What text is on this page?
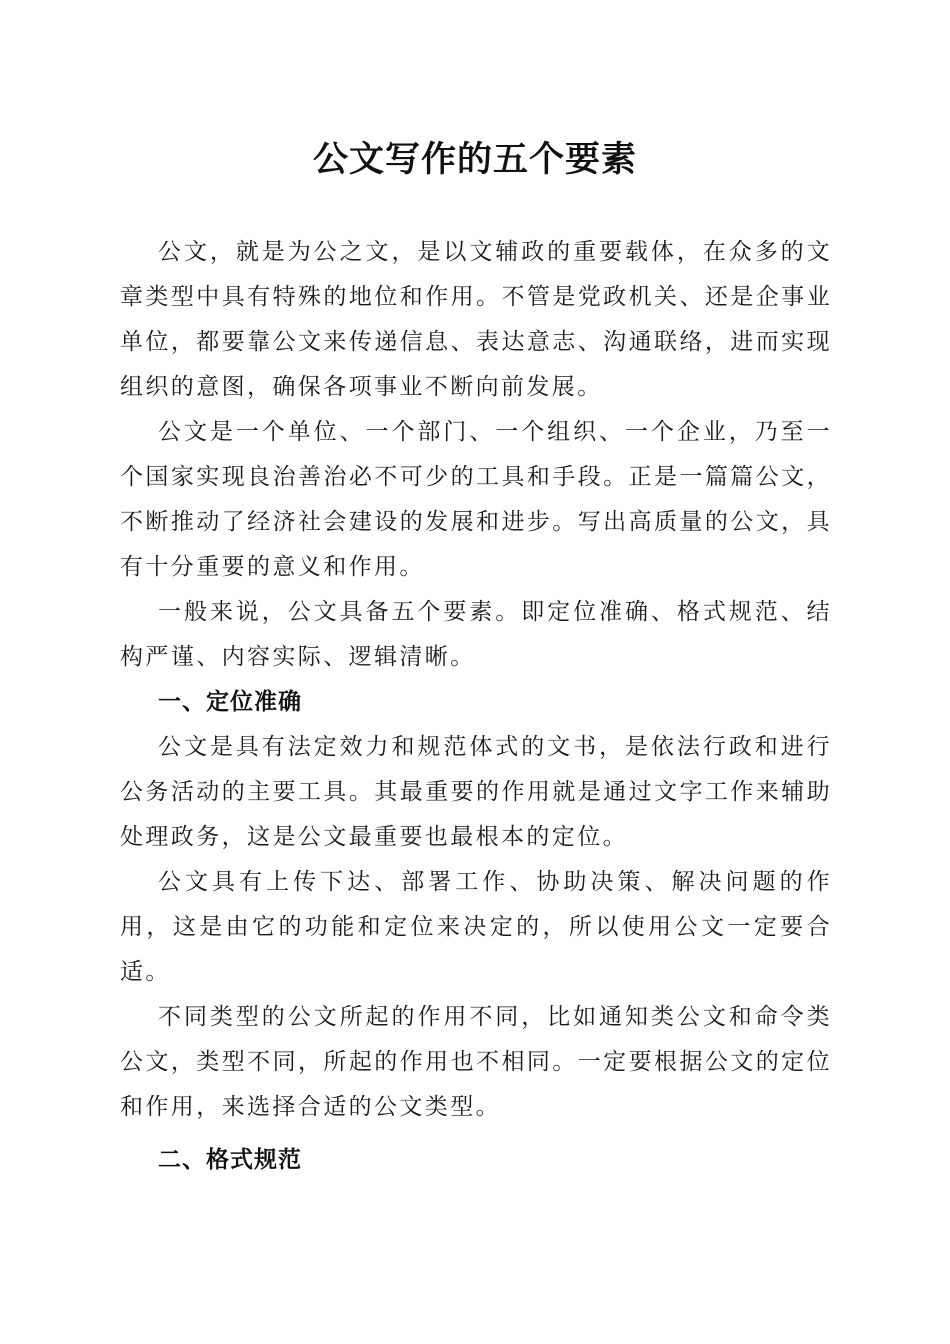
公文写作的五个要素

公文，就是为公之文，是以文辅政的重要载体，在众多的文章类型中具有特殊的地位和作用。不管是党政机关、还是企事业单位，都要靠公文来传递信息、表达意志、沟通联络，进而实现组织的意图，确保各项事业不断向前发展。

公文是一个单位、一个部门、一个组织、一个企业，乃至一个国家实现良治善治必不可少的工具和手段。正是一篇篇公文，不断推动了经济社会建设的发展和进步。写出高质量的公文，具有十分重要的意义和作用。

一般来说，公文具备五个要素。即定位准确、格式规范、结构严谨、内容实际、逻辑清晰。

一、定位准确

公文是具有法定效力和规范体式的文书，是依法行政和进行公务活动的主要工具。其最重要的作用就是通过文字工作来辅助处理政务，这是公文最重要也最根本的定位。

公文具有上传下达、部署工作、协助决策、解决问题的作用，这是由它的功能和定位来决定的，所以使用公文一定要合适。

不同类型的公文所起的作用不同，比如通知类公文和命令类公文，类型不同，所起的作用也不相同。一定要根据公文的定位和作用，来选择合适的公文类型。

二、格式规范
